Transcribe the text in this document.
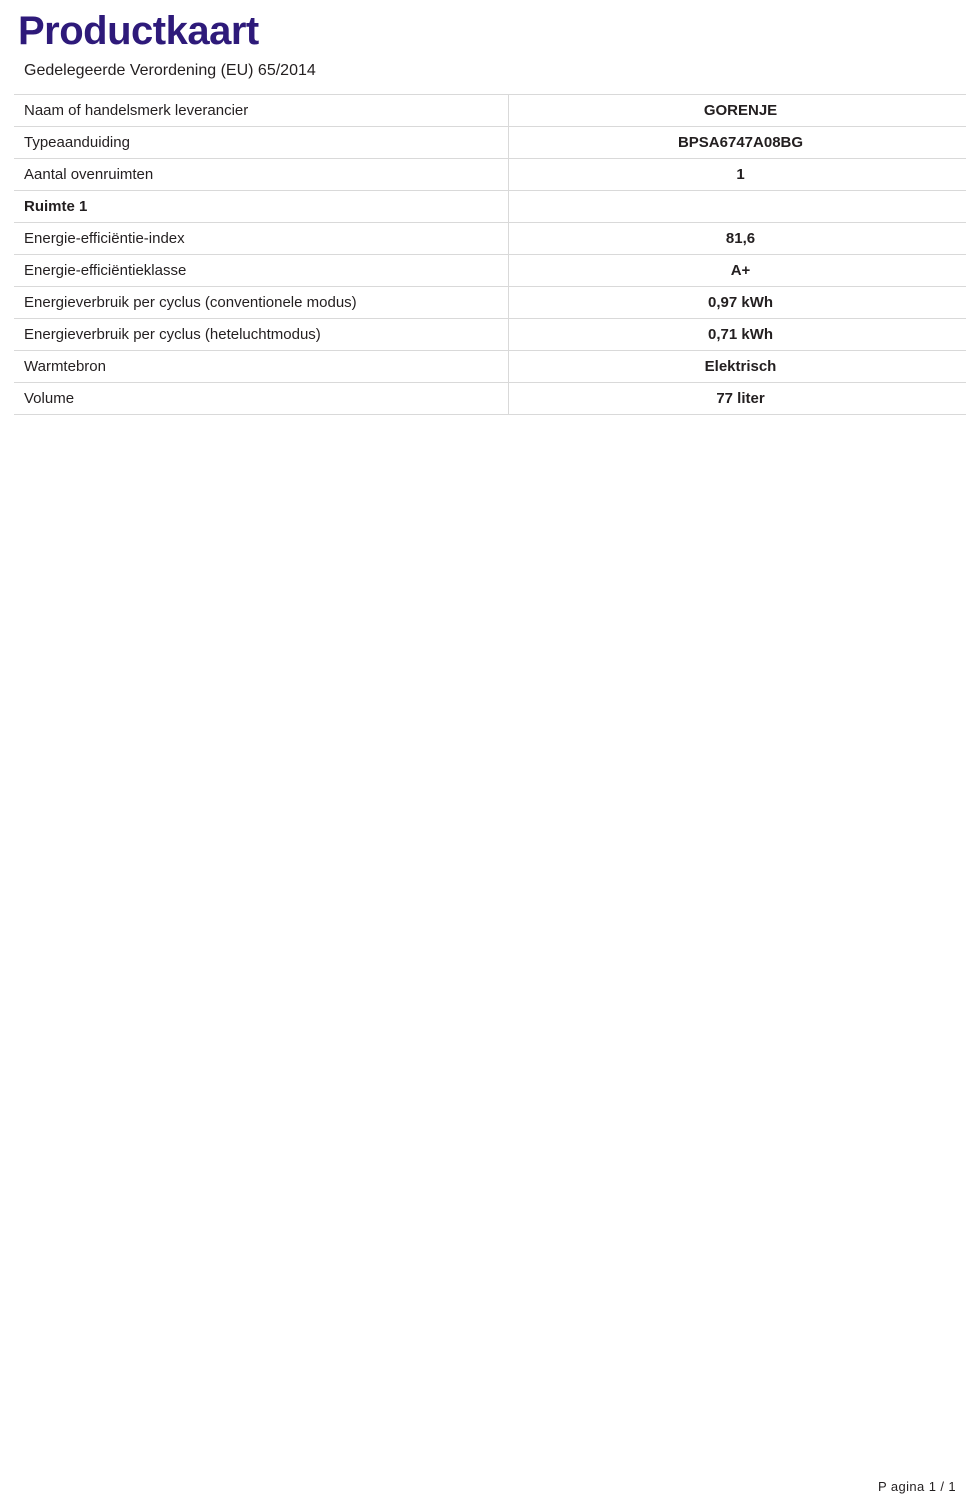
Productkaart
Gedelegeerde Verordening (EU) 65/2014
Naam of handelsmerk leverancier	GORENJE
Typeaanduiding	BPSA6747A08BG
Aantal ovenruimten	1
Ruimte 1	
Energie-efficiëntie-index	81,6
Energie-efficiëntieklasse	A+
Energieverbruik per cyclus (conventionele modus)	0,97 kWh
Energieverbruik per cyclus (heteluchtmodus)	0,71 kWh
Warmtebron	Elektrisch
Volume	77 liter
P agina 1 / 1
